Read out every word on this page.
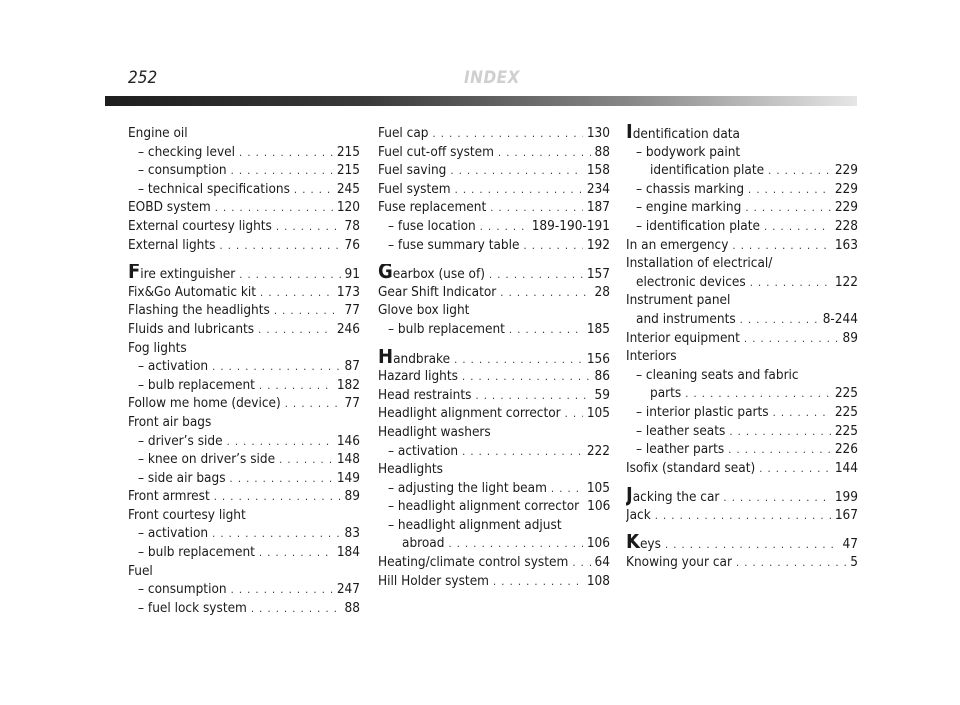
252	INDEX
Engine oil
– checking level . . .	215
– consumption . . .	215
– technical specifications . . .	245
EOBD system . . .	120
External courtesy lights . . .	78
External lights . . .	76
Fire extinguisher . . .	91
Fix&Go Automatic kit . . .	173
Flashing the headlights . . .	77
Fluids and lubricants . . .	246
Fog lights
– activation . . .	87
– bulb replacement . . .	182
Follow me home (device) . . .	77
Front air bags
– driver’s side . . .	146
– knee on driver’s side . . .	148
– side air bags . . .	149
Front armrest . . .	89
Front courtesy light
– activation . . .	83
– bulb replacement . . .	184
Fuel
– consumption . . .	247
– fuel lock system . . .	88
Fuel cap . . .	130
Fuel cut-off system . . .	88
Fuel saving . . .	158
Fuel system . . .	234
Fuse replacement . . .	187
– fuse location . . .	189-190-191
– fuse summary table . . .	192
Gearbox (use of) . . .	157
Gear Shift Indicator . . .	28
Glove box light
– bulb replacement . . .	185
Handbrake . . .	156
Hazard lights . . .	86
Head restraints . . .	59
Headlight alignment corrector . . . 105
Headlight washers
– activation . . .	222
Headlights
– adjusting the light beam . . .	105
– headlight alignment corrector 106
– headlight alignment adjust
abroad . . .	106
Heating/climate control system . . . 64
Hill Holder system . . .	108
Identification data
– bodywork paint
identification plate . . .	229
– chassis marking . . .	229
– engine marking . . .	229
– identification plate . . .	228
In an emergency . . .	163
Installation of electrical/
electronic devices . . .	122
Instrument panel
and instruments . . .	8-244
Interior equipment . . .	89
Interiors
– cleaning seats and fabric
parts . . .	225
– interior plastic parts . . .	225
– leather seats . . .	225
– leather parts . . .	226
Isofix (standard seat) . . .	144
Jacking the car . . .	199
Jack . . .	167
Keys . . .	47
Knowing your car . . .	5
